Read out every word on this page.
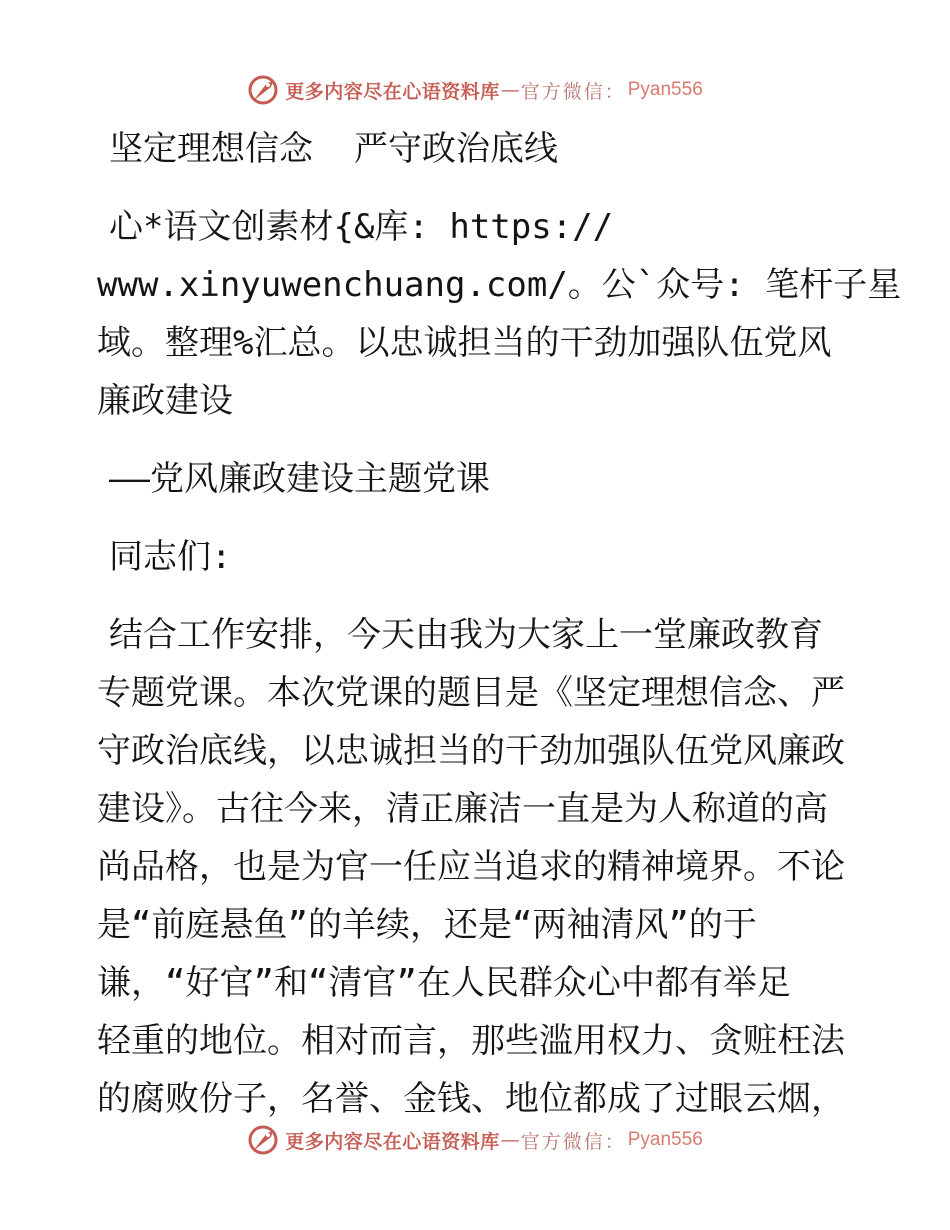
更多内容尽在心语资料库 — 官方微信： Pyan556

坚定理想信念  严守政治底线

心*语文创素材{&库: https://

www.xinyuwenchuang.com/。公`众号: 笔杆子星

域。整理%汇总。以忠诚担当的干劲加强队伍党风

廉政建设

——党风廉政建设主题党课

同志们:

结合工作安排，今天由我为大家上一堂廉政教育

专题党课。本次党课的题目是《坚定理想信念、严

守政治底线，以忠诚担当的干劲加强队伍党风廉政

建设》。古往今来，清正廉洁一直是为人称道的高

尚品格，也是为官一任应当追求的精神境界。不论

是“前庭悬鱼”的羊续，还是“两袖清风”的于

谦，“好官”和“清官”在人民群众心中都有举足

轻重的地位。相对而言，那些滥用权力、贪赃枉法

的腐败份子，名誉、金钱、地位都成了过眼云烟，

更多内容尽在心语资料库 — 官方微信： Pyan556
